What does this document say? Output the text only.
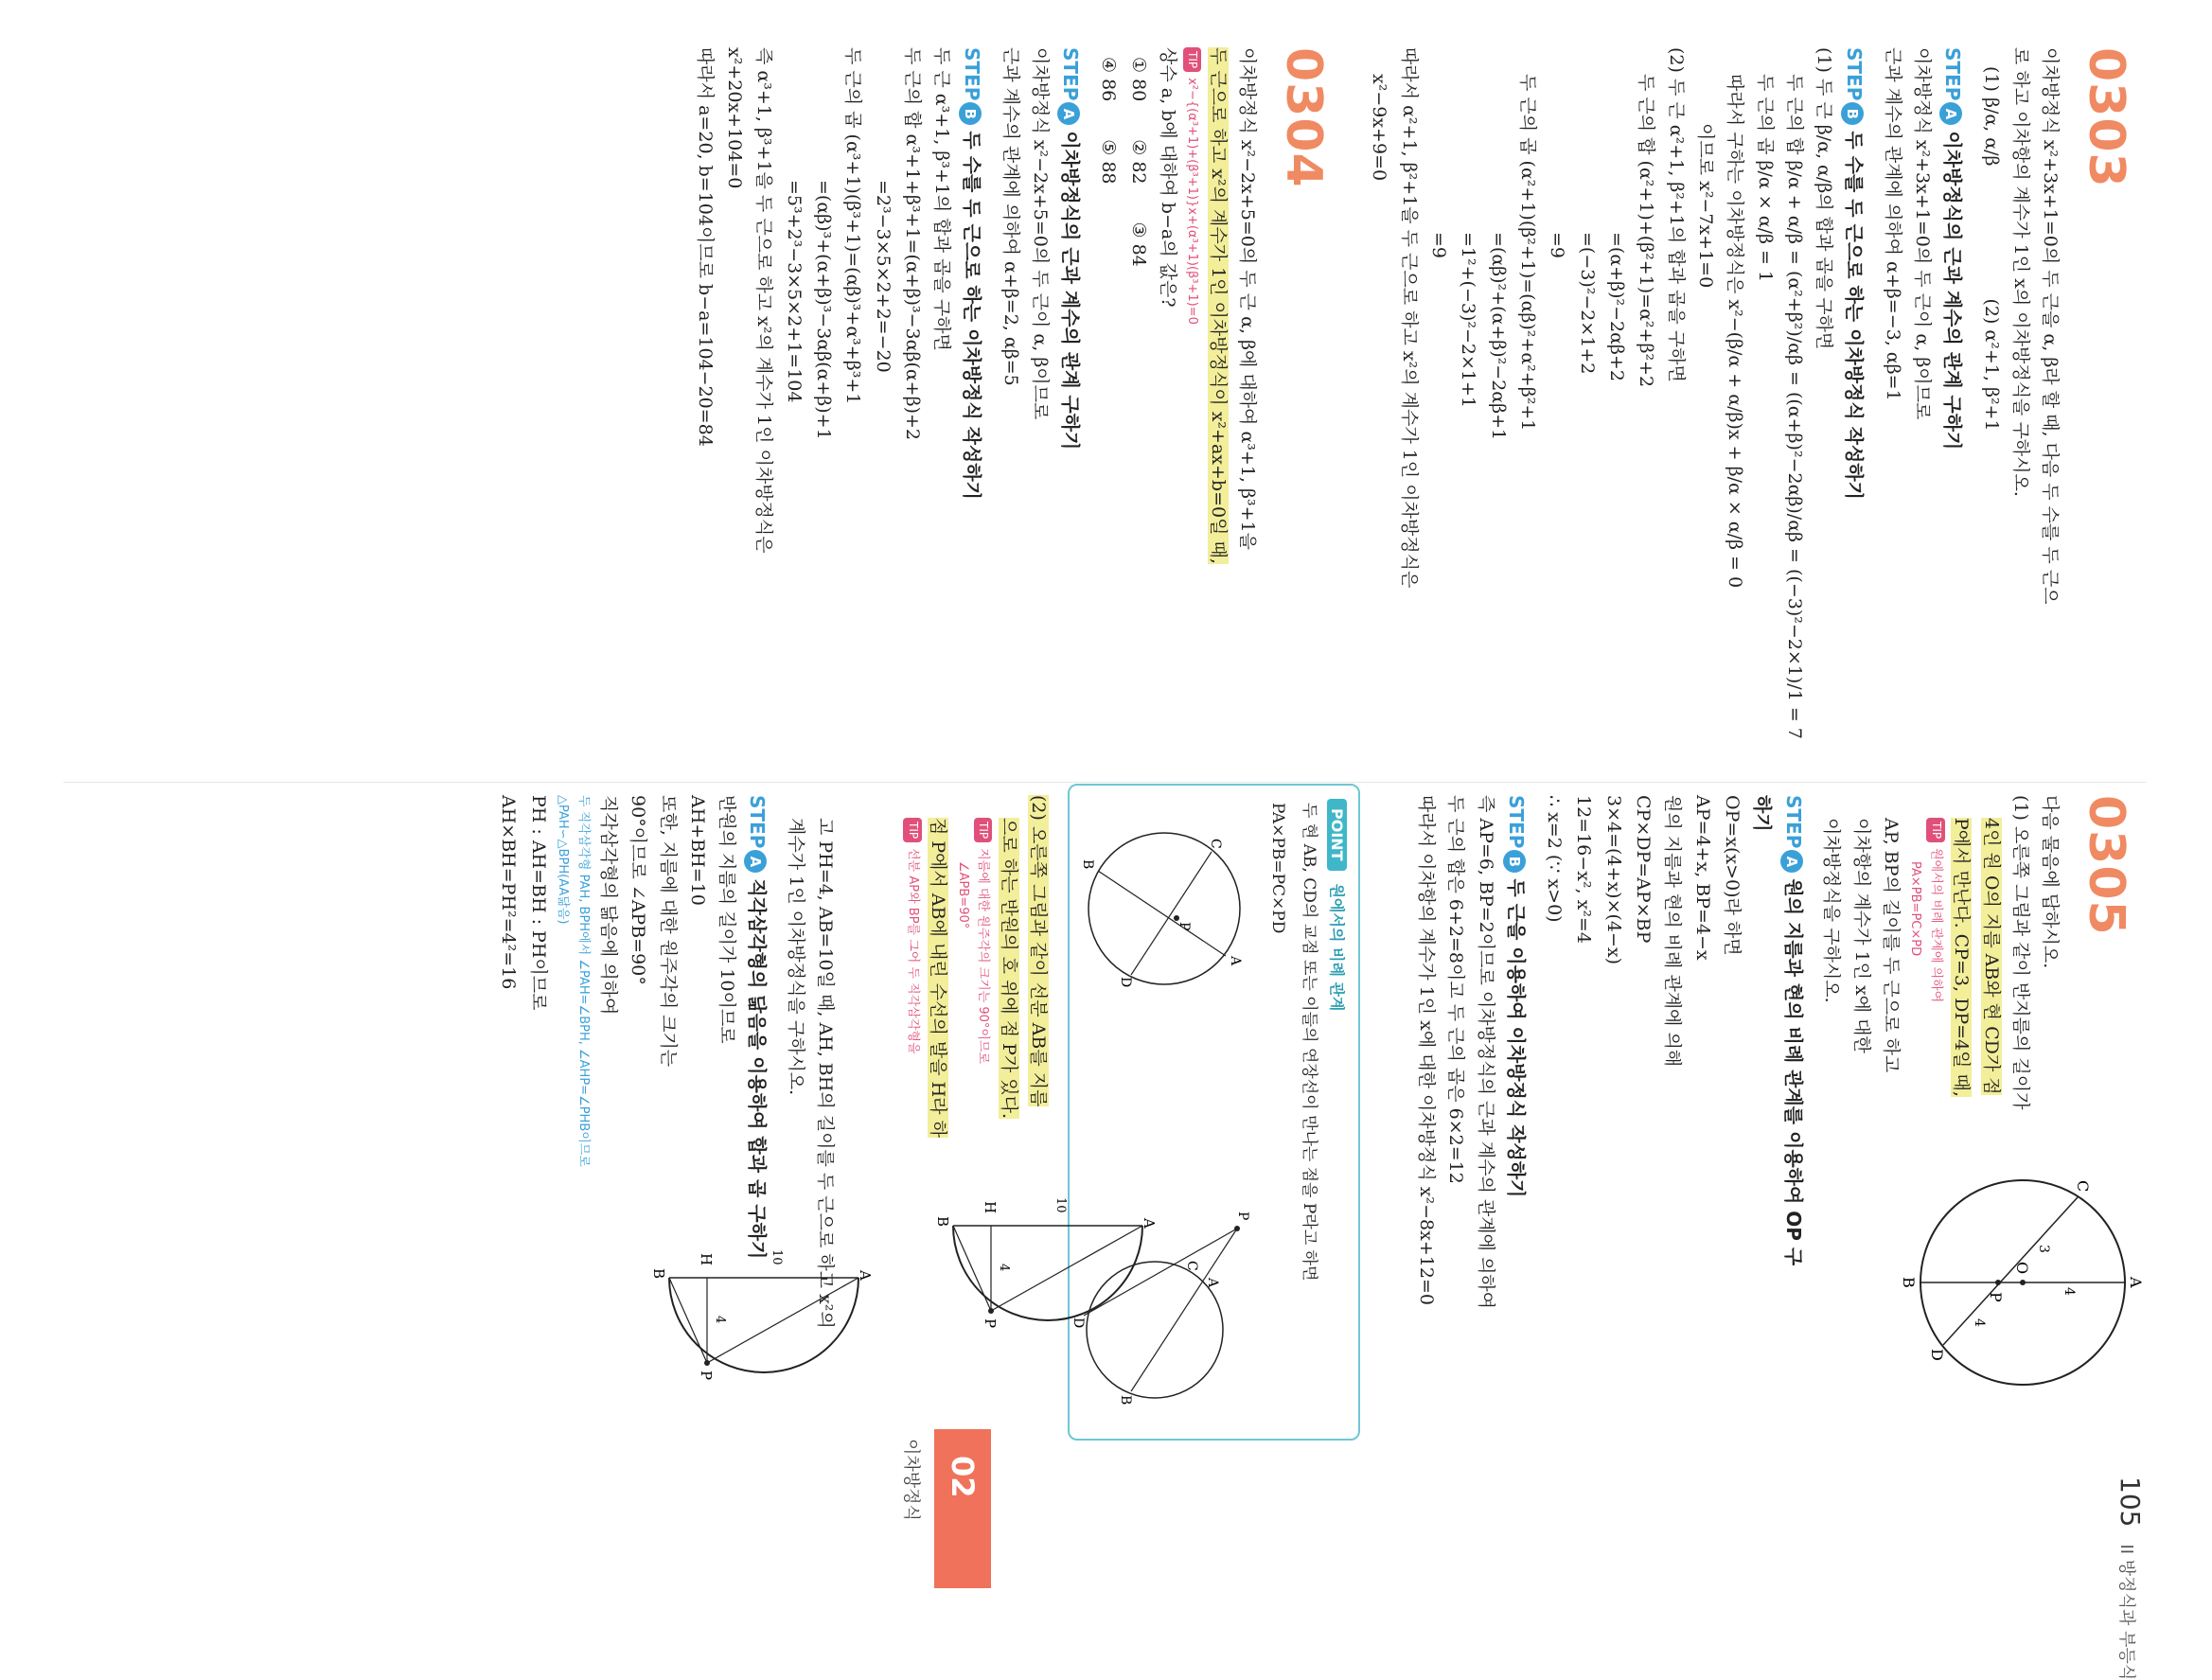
0303
이차방정식 x²+3x+1=0의 두 근을 α, β라 할 때, 다음 두 수를 두 근으
로 하고 이차항의 계수가 1인 x의 이차방정식을 구하시오.
(1) β/α, α/β
(2) α²+1, β²+1
STEPA이차방정식의 근과 계수의 관계 구하기
이차방정식 x²+3x+1=0의 두 근이 α, β이므로
근과 계수의 관계에 의하여 α+β=−3, αβ=1
STEPB두 수를 두 근으로 하는 이차방정식 작성하기
(1) 두 근 β/α, α/β의 합과 곱을 구하면
두 근의 합 β/α + α/β = (α²+β²)/αβ = ((α+β)²−2αβ)/αβ = ((−3)²−2×1)/1 = 7
두 근의 곱 β/α × α/β = 1
따라서 구하는 이차방정식은 x²−(β/α + α/β)x + β/α × α/β = 0
이므로 x²−7x+1=0
(2) 두 근 α²+1, β²+1의 합과 곱을 구하면
두 근의 합 (α²+1)+(β²+1)=α²+β²+2
=(α+β)²−2αβ+2
=(−3)²−2×1+2
=9
두 근의 곱 (α²+1)(β²+1)=(αβ)²+α²+β²+1
=(αβ)²+(α+β)²−2αβ+1
=1²+(−3)²−2×1+1
=9
따라서 α²+1, β²+1을 두 근으로 하고 x²의 계수가 1인 이차방정식은
x²−9x+9=0
0304
이차방정식 x²−2x+5=0의 두 근 α, β에 대하여 α³+1, β³+1을
두 근으로 하고 x²의 계수가 1인 이차방정식이 x²+ax+b=0일 때,
TIPx²−{(α³+1)+(β³+1)}x+(α³+1)(β³+1)=0
상수 a, b에 대하여 b−a의 값은?
① 80
② 82
③ 84
④ 86
⑤ 88
STEPA이차방정식의 근과 계수의 관계 구하기
이차방정식 x²−2x+5=0의 두 근이 α, β이므로
근과 계수의 관계에 의하여 α+β=2, αβ=5
STEPB두 수를 두 근으로 하는 이차방정식 작성하기
두 근 α³+1, β³+1의 합과 곱을 구하면
두 근의 합 α³+1+β³+1=(α+β)³−3αβ(α+β)+2
=2³−3×5×2+2=−20
두 근의 곱 (α³+1)(β³+1)=(αβ)³+α³+β³+1
=(αβ)³+(α+β)³−3αβ(α+β)+1
=5³+2³−3×5×2+1=104
즉 α³+1, β³+1을 두 근으로 하고 x²의 계수가 1인 이차방정식은
x²+20x+104=0
따라서 a=20, b=104이므로 b−a=104−20=84
0305
다음 물음에 답하시오.
(1) 오른쪽 그림과 같이 반지름의 길이가
4인 원 O의 지름 AB와 현 CD가 점
P에서 만난다. CP=3, DP=4일 때,
TIP원에서의 비례 관계에 의하여
PA×PB=PC×PD
AP, BP의 길이를 두 근으로 하고
이차항의 계수가 1인 x에 대한
이차방정식을 구하시오.
STEPA원의 지름과 현의 비례 관계를 이용하여 OP 구하기
OP=x(x>0)라 하면
AP=4+x, BP=4−x
원의 지름과 현의 비례 관계에 의해
CP×DP=AP×BP
3×4=(4+x)×(4−x)
12=16−x², x²=4
∴ x=2 (∵ x>0)
STEPB두 근을 이용하여 이차방정식 작성하기
즉 AP=6, BP=2이므로 이차방정식의 근과 계수의 관계에 의하여
두 근의 합은 6+2=8이고 두 근의 곱은 6×2=12
따라서 이차항의 계수가 1인 x에 대한 이차방정식 x²−8x+12=0	A
B
C
D
O
P
4
3
4
POINT원에서의 비례 관계
두 현 AB, CD의 교점 또는 이들의 연장선이 만나는 점을 P라고 하면
PA×PB=PC×PD
C
D
A
B
P
P
A
C
B
D
(2) 오른쪽 그림과 같이 선분 AB를 지름
으로 하는 반원의 호 위에 점 P가 있다.
TIP지름에 대한 원주각의 크기는 90°이므로
∠APB=90°
점 P에서 AB에 내린 수선의 발을 H라 하
TIP선분 AP와 BP를 그어 두 직각삼각형을
고 PH=4, AB=10일 때, AH, BH의 길이를 두 근으로 하고 x²의
계수가 1인 이차방정식을 구하시오.
STEPA직각삼각형의 닮음을 이용하여 합과 곱 구하기
반원의 지름의 길이가 10이므로
AH+BH=10
또한, 지름에 대한 원주각의 크기는
90°이므로 ∠APB=90°
직각삼각형의 닮음에 의하여
두 직각삼각형 PAH, BPH에서 ∠PAH=∠BPH, ∠AHP=∠PHB이므로
△PAH∽△BPH(AA닮음)
PH : AH=BH : PH이므로
AH×BH=PH²=4²=16
A
B
H
P
4
10
A
B
H
P
4
10
02
이차방정식	105II 방정식과 부등식
